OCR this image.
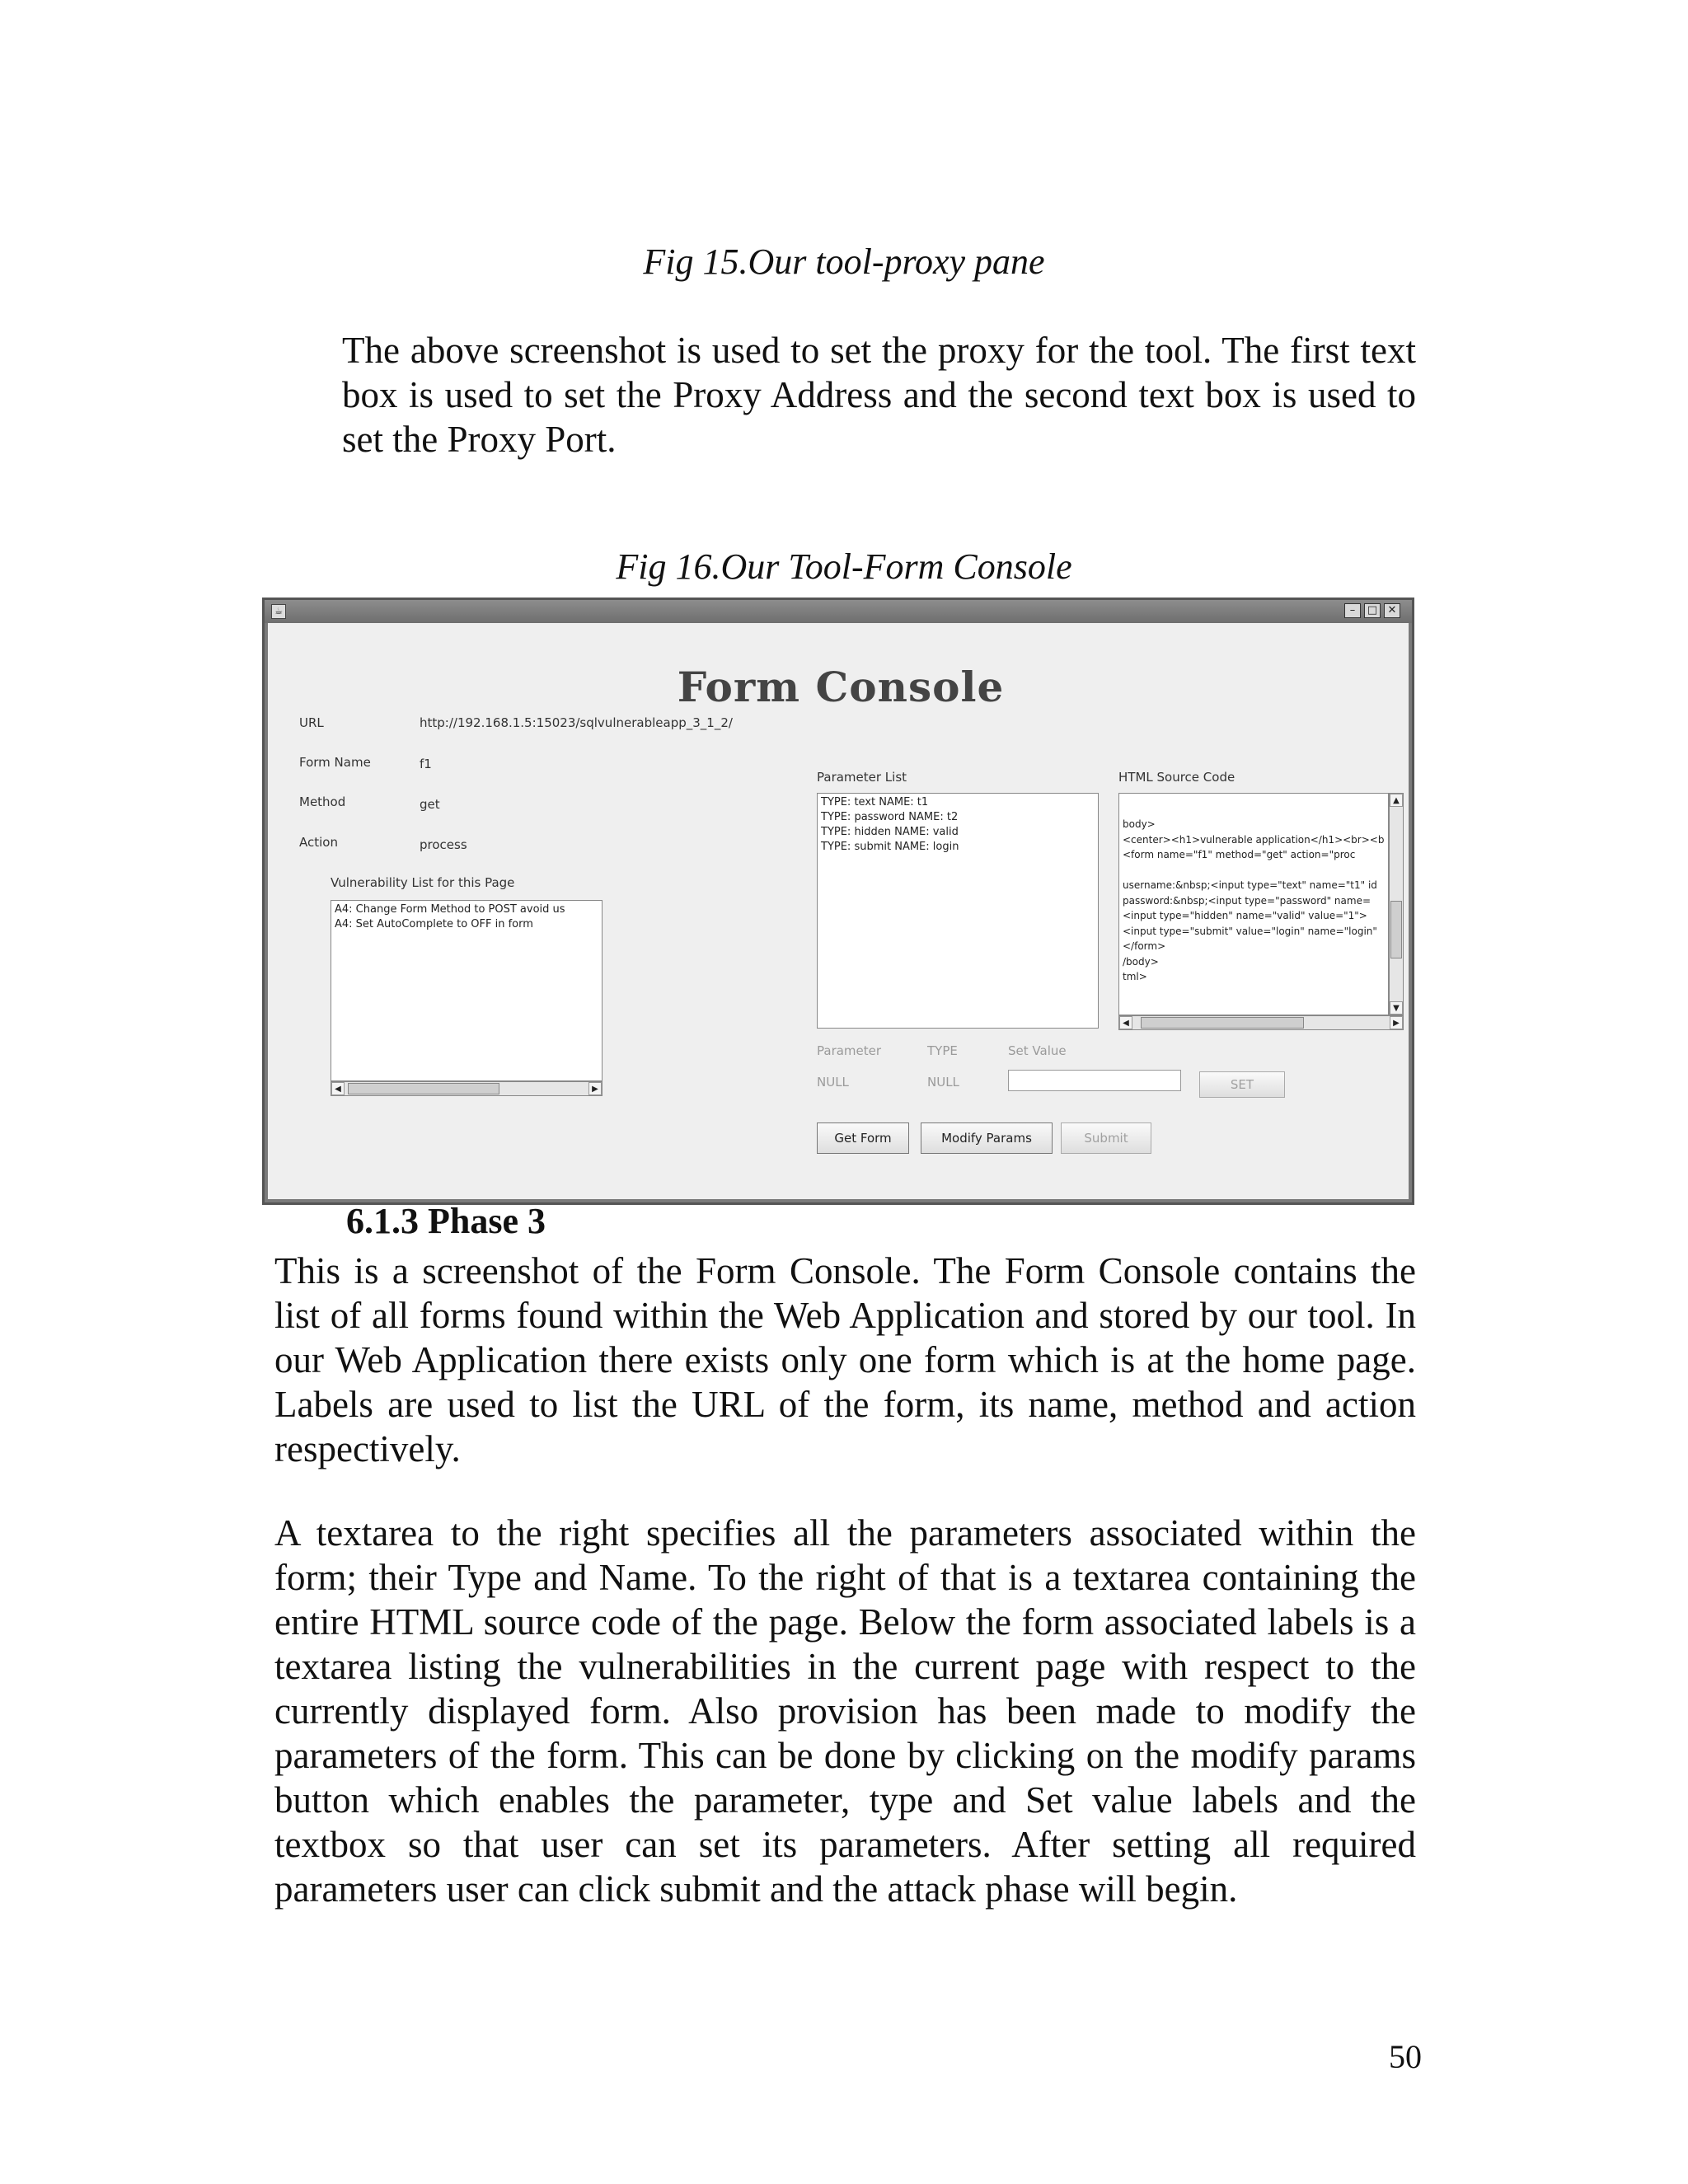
Fig 15.Our tool-proxy pane

The above screenshot is used to set the proxy for the tool. The first text box is used to set the Proxy Address and the second text box is used to set the Proxy Port.

Fig 16.Our Tool-Form Console
☕	–	□ ✕
Form Console
URL	http://192.168.1.5:15023/sqlvulnerableapp_3_1_2/
Form Name	f1
Method	get
Action	process
Vulnerability List for this Page
A4: Change Form Method to POST avoid us
A4: Set AutoComplete to OFF in form
◀	▶
Parameter List
TYPE: text NAME: t1
TYPE: password NAME: t2
TYPE: hidden NAME: valid
TYPE: submit NAME: login
HTML Source Code
body>
<center><h1>vulnerable application</h1><br><b
<form name="f1" method="get" action="proc

username:&nbsp;<input type="text" name="t1" id
password:&nbsp;<input type="password" name=
<input type="hidden" name="valid" value="1">
<input type="submit" value="login" name="login"
</form>
/body>
tml>
▲
▼
◀	▶
Parameter	TYPE	Set Value
NULL	NULL	SET
Get Form	Modify Params	Submit
6.1.3 Phase 3

This is a screenshot of the Form Console. The Form Console contains the list of all forms found within the Web Application and stored by our tool. In our Web Application there exists only one form which is at the home page. Labels are used to list the URL of the form, its name, method and action respectively.

A textarea to the right specifies all the parameters associated within the form; their Type and Name. To the right of that is a textarea containing the entire HTML source code of the page. Below the form associated labels is a textarea listing the vulnerabilities in the current page with respect to the currently displayed form. Also provision has been made to modify the parameters of the form. This can be done by clicking on the modify params button which enables the parameter, type and Set value labels and the textbox so that user can set its parameters. After setting all required parameters user can click submit and the attack phase will begin.

50
